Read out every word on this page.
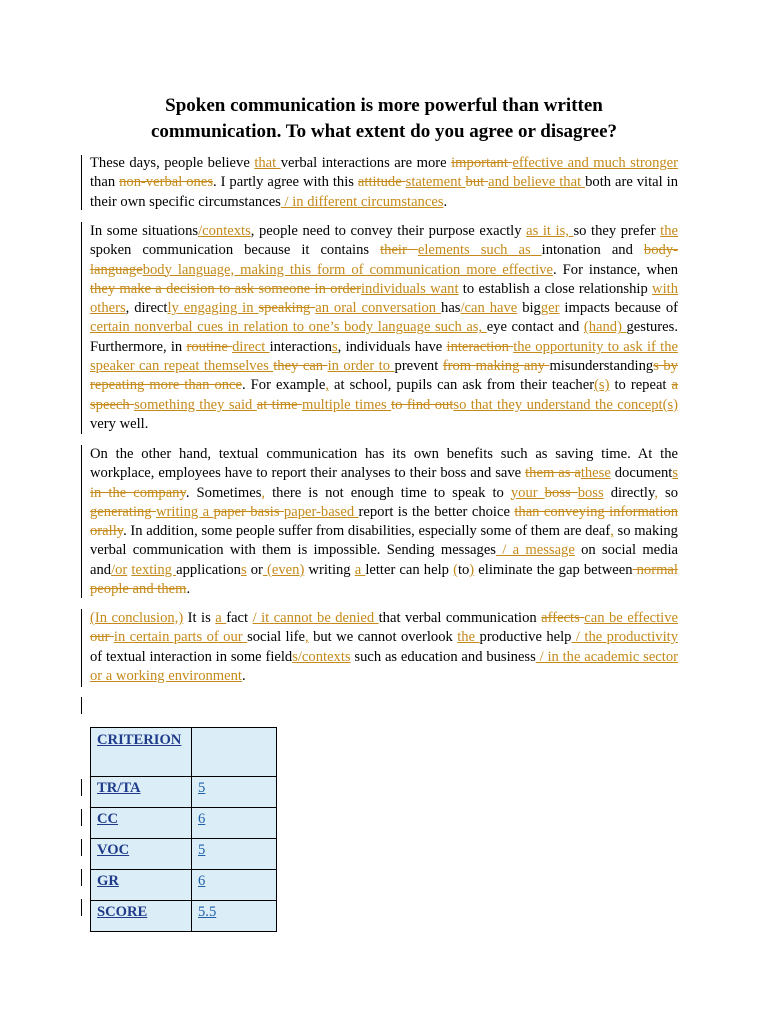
Spoken communication is more powerful than written communication. To what extent do you agree or disagree?
These days, people believe that verbal interactions are more important effective and much stronger than non-verbal ones. I partly agree with this attitude statement but and believe that both are vital in their own specific circumstances / in different circumstances.
In some situations/contexts, people need to convey their purpose exactly as it is, so they prefer the spoken communication because it contains their elements such as intonation and body-languagebody language, making this form of communication more effective. For instance, when they make a decision to ask someone in orderindividuals want to establish a close relationship with others, directly engaging in speaking an oral conversation has/can have bigger impacts because of certain nonverbal cues in relation to one’s body language such as, eye contact and (hand) gestures. Furthermore, in routine direct interactions, individuals have interaction the opportunity to ask if the speaker can repeat themselves they can in order to prevent from making any misunderstandings by repeating more than once. For example, at school, pupils can ask from their teacher(s) to repeat a speech something they said at time multiple times to find outso that they understand the concept(s) very well.
On the other hand, textual communication has its own benefits such as saving time. At the workplace, employees have to report their analyses to their boss and save them as athese documents in the company. Sometimes, there is not enough time to speak to your boss boss directly, so generating writing a paper basis paper-based report is the better choice than conveying information orally. In addition, some people suffer from disabilities, especially some of them are deaf, so making verbal communication with them is impossible. Sending messages / a message on social media and/or texting applications or (even) writing a letter can help (to) eliminate the gap between normal people and them.
(In conclusion,) It is a fact / it cannot be denied that verbal communication affects can be effective our in certain parts of our social life, but we cannot overlook the productive help / the productivity of textual interaction in some fields/contexts such as education and business / in the academic sector or a working environment.
CRITERION	
TR/TA	5
CC	6
VOC	5
GR	6
SCORE	5.5
